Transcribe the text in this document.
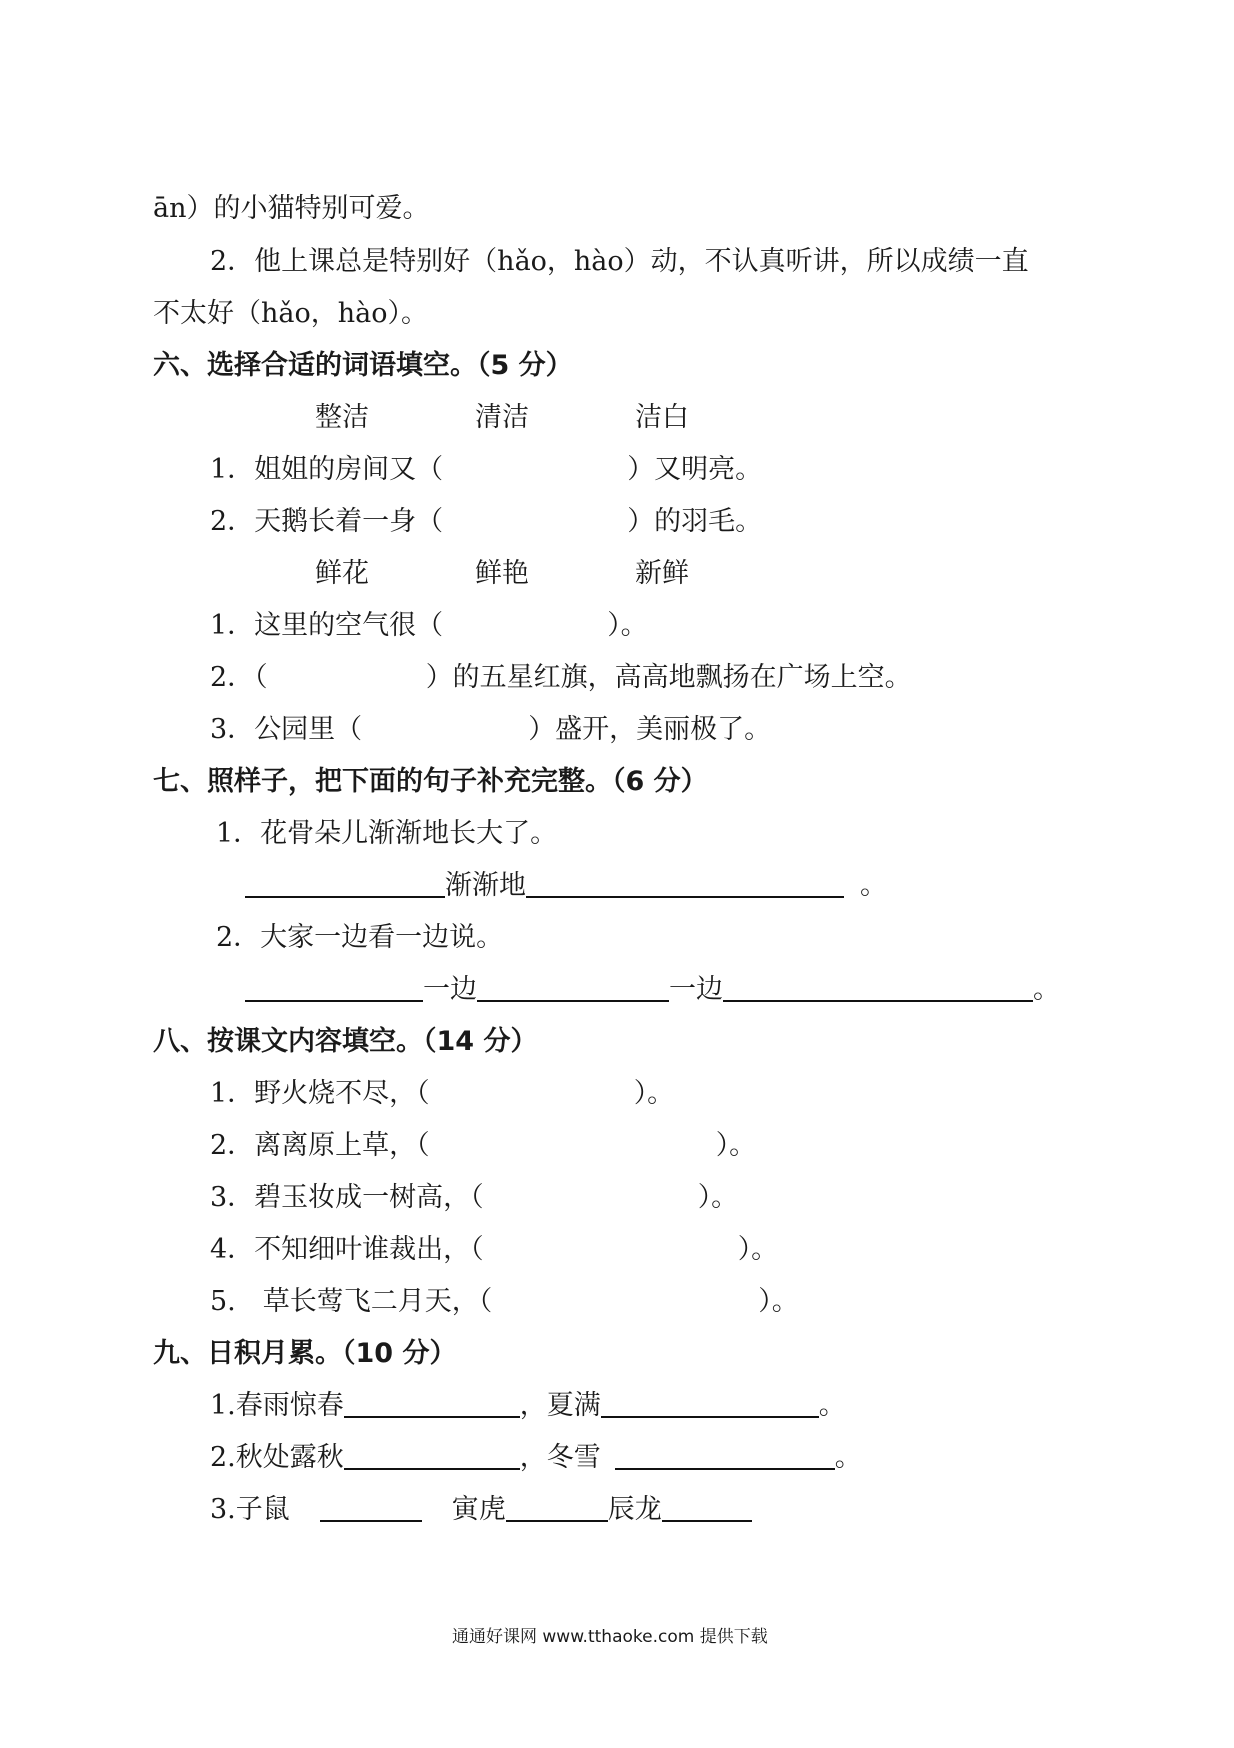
ān）的小猫特别可爱。
2．他上课总是特别好（hǎo，hào）动，不认真听讲，所以成绩一直
不太好（hǎo，hào）。
六、选择合适的词语填空。（5 分）
整洁	清洁	洁白
1．姐姐的房间又（	）又明亮。
2．天鹅长着一身（	）的羽毛。
鲜花	鲜艳	新鲜
1．这里的空气很（	）。
2．（	）的五星红旗，高高地飘扬在广场上空。
3．公园里（	）盛开，美丽极了。
七、照样子，把下面的句子补充完整。（6 分）
1．花骨朵儿渐渐地长大了。
渐渐地	。
2．大家一边看一边说。
一边	一边	。
八、按课文内容填空。（14 分）
1．野火烧不尽，（	）。
2．离离原上草，（	）。
3．碧玉妆成一树高，（	）。
4．不知细叶谁裁出，（	）。
5.　草长莺飞二月天，（	）。
九、日积月累。（10 分）
1.春雨惊春	，夏满	。
2.秋处露秋	，冬雪	。
3.子鼠	寅虎	辰龙
通通好课网 www.tthaoke.com 提供下载
